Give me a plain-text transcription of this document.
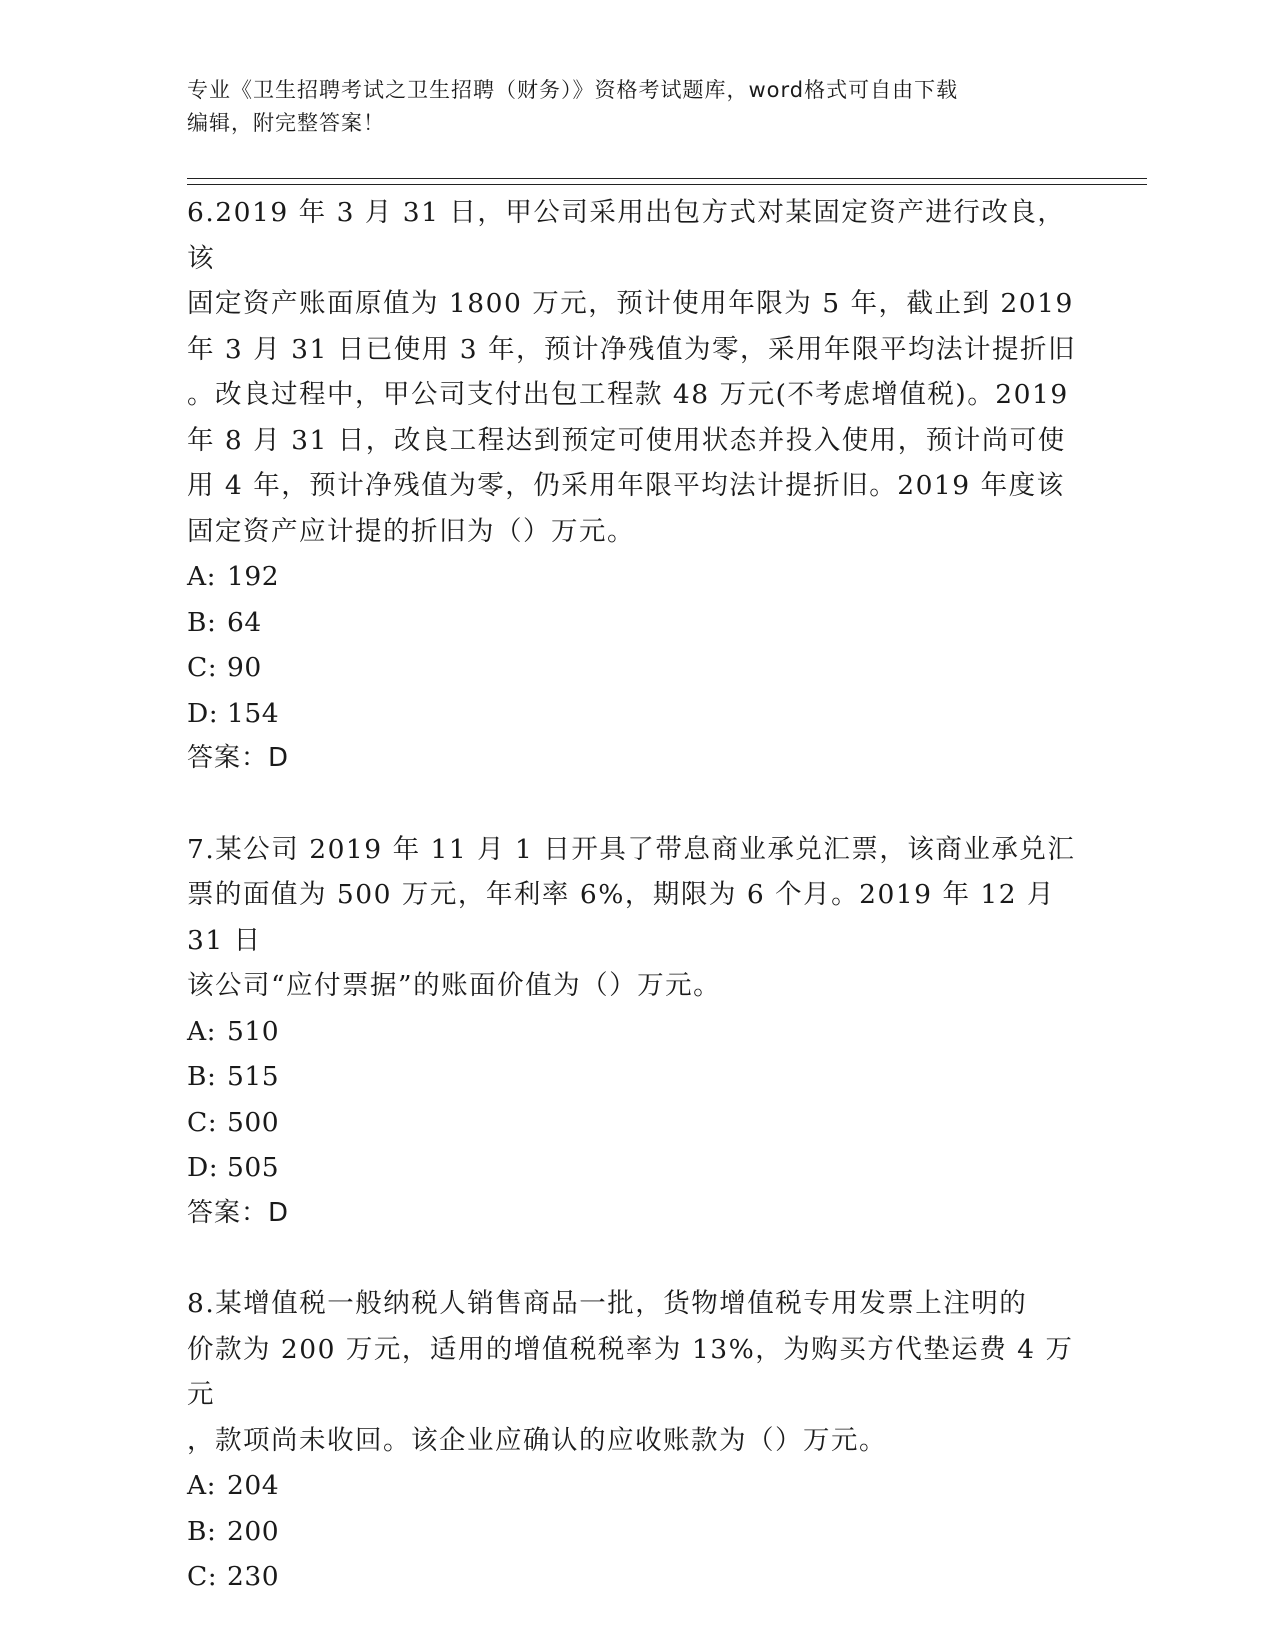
专业《卫生招聘考试之卫生招聘（财务）》资格考试题库，word格式可自由下载
编辑，附完整答案！

6.2019 年 3 月 31 日，甲公司采用出包方式对某固定资产进行改良，该
固定资产账面原值为 1800 万元，预计使用年限为 5 年，截止到 2019
年 3 月 31 日已使用 3 年，预计净残值为零，采用年限平均法计提折旧
。改良过程中，甲公司支付出包工程款 48 万元(不考虑增值税)。2019
年 8 月 31 日，改良工程达到预定可使用状态并投入使用，预计尚可使
用 4 年，预计净残值为零，仍采用年限平均法计提折旧。2019 年度该
固定资产应计提的折旧为（）万元。

A: 192

B: 64

C: 90

D: 154

答案：D

7.某公司 2019 年 11 月 1 日开具了带息商业承兑汇票，该商业承兑汇
票的面值为 500 万元，年利率 6%，期限为 6 个月。2019 年 12 月 31 日
该公司“应付票据”的账面价值为（）万元。

A: 510

B: 515

C: 500

D: 505

答案：D

8.某增值税一般纳税人销售商品一批，货物增值税专用发票上注明的
价款为 200 万元，适用的增值税税率为 13%，为购买方代垫运费 4 万元
，款项尚未收回。该企业应确认的应收账款为（）万元。

A: 204

B: 200

C: 230
